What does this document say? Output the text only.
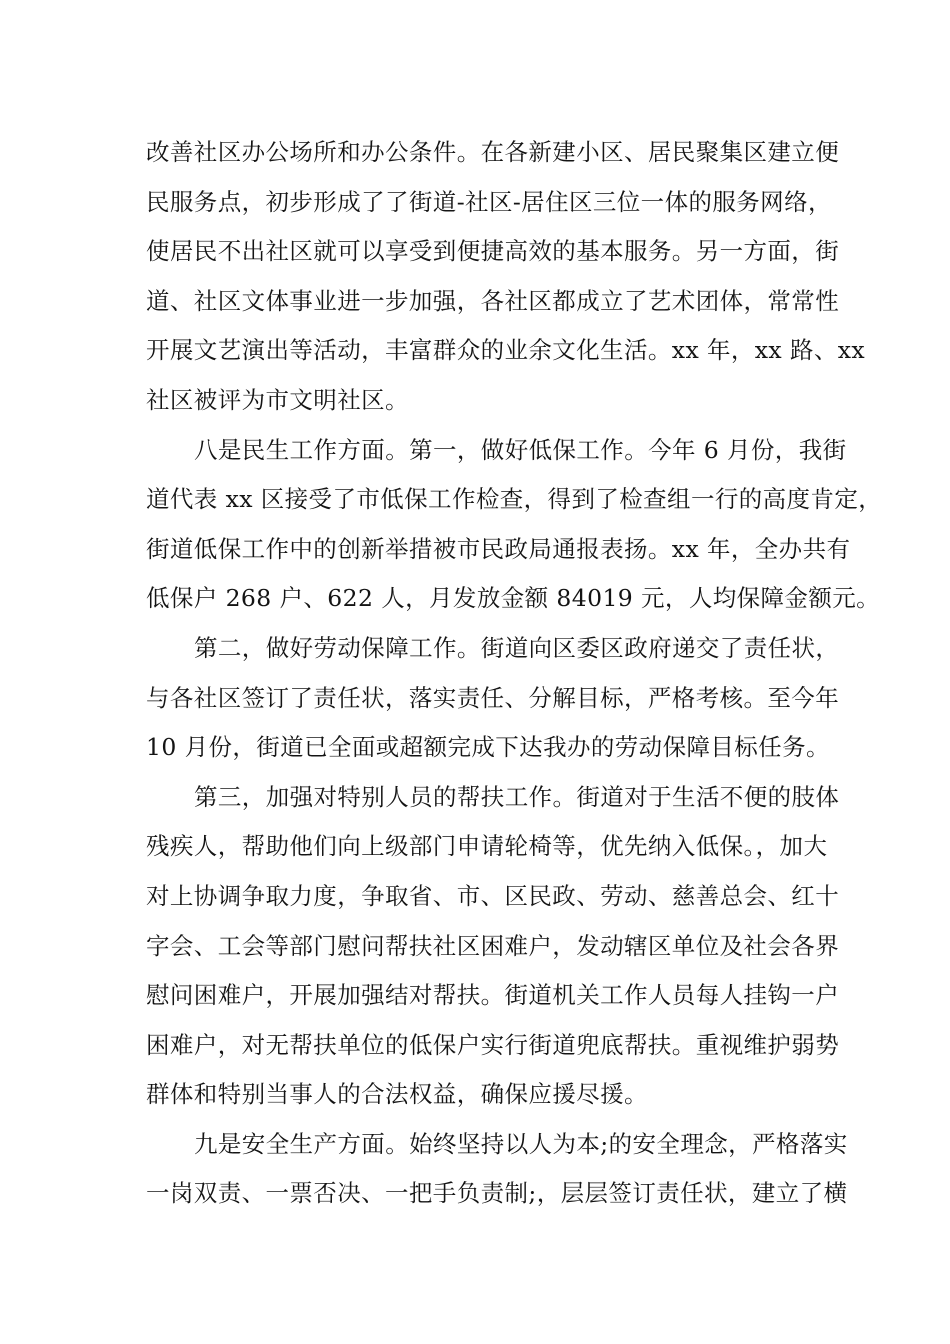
改善社区办公场所和办公条件。在各新建小区、居民聚集区建立便
民服务点，初步形成了了街道-社区-居住区三位一体的服务网络，
使居民不出社区就可以享受到便捷高效的基本服务。另一方面，街
道、社区文体事业进一步加强，各社区都成立了艺术团体，常常性
开展文艺演出等活动，丰富群众的业余文化生活。xx 年，xx 路、xx
社区被评为市文明社区。
八是民生工作方面。第一，做好低保工作。今年 6 月份，我街
道代表 xx 区接受了市低保工作检查，得到了检查组一行的高度肯定，
街道低保工作中的创新举措被市民政局通报表扬。xx 年，全办共有
低保户 268 户、622 人，月发放金额 84019 元，人均保障金额元。
第二，做好劳动保障工作。街道向区委区政府递交了责任状，
与各社区签订了责任状，落实责任、分解目标，严格考核。至今年
10 月份，街道已全面或超额完成下达我办的劳动保障目标任务。
第三，加强对特别人员的帮扶工作。街道对于生活不便的肢体
残疾人，帮助他们向上级部门申请轮椅等，优先纳入低保。，加大
对上协调争取力度，争取省、市、区民政、劳动、慈善总会、红十
字会、工会等部门慰问帮扶社区困难户，发动辖区单位及社会各界
慰问困难户，开展加强结对帮扶。街道机关工作人员每人挂钩一户
困难户，对无帮扶单位的低保户实行街道兜底帮扶。重视维护弱势
群体和特别当事人的合法权益，确保应援尽援。
九是安全生产方面。始终坚持以人为本;的安全理念，严格落实
一岗双责、一票否决、一把手负责制;，层层签订责任状，建立了横
